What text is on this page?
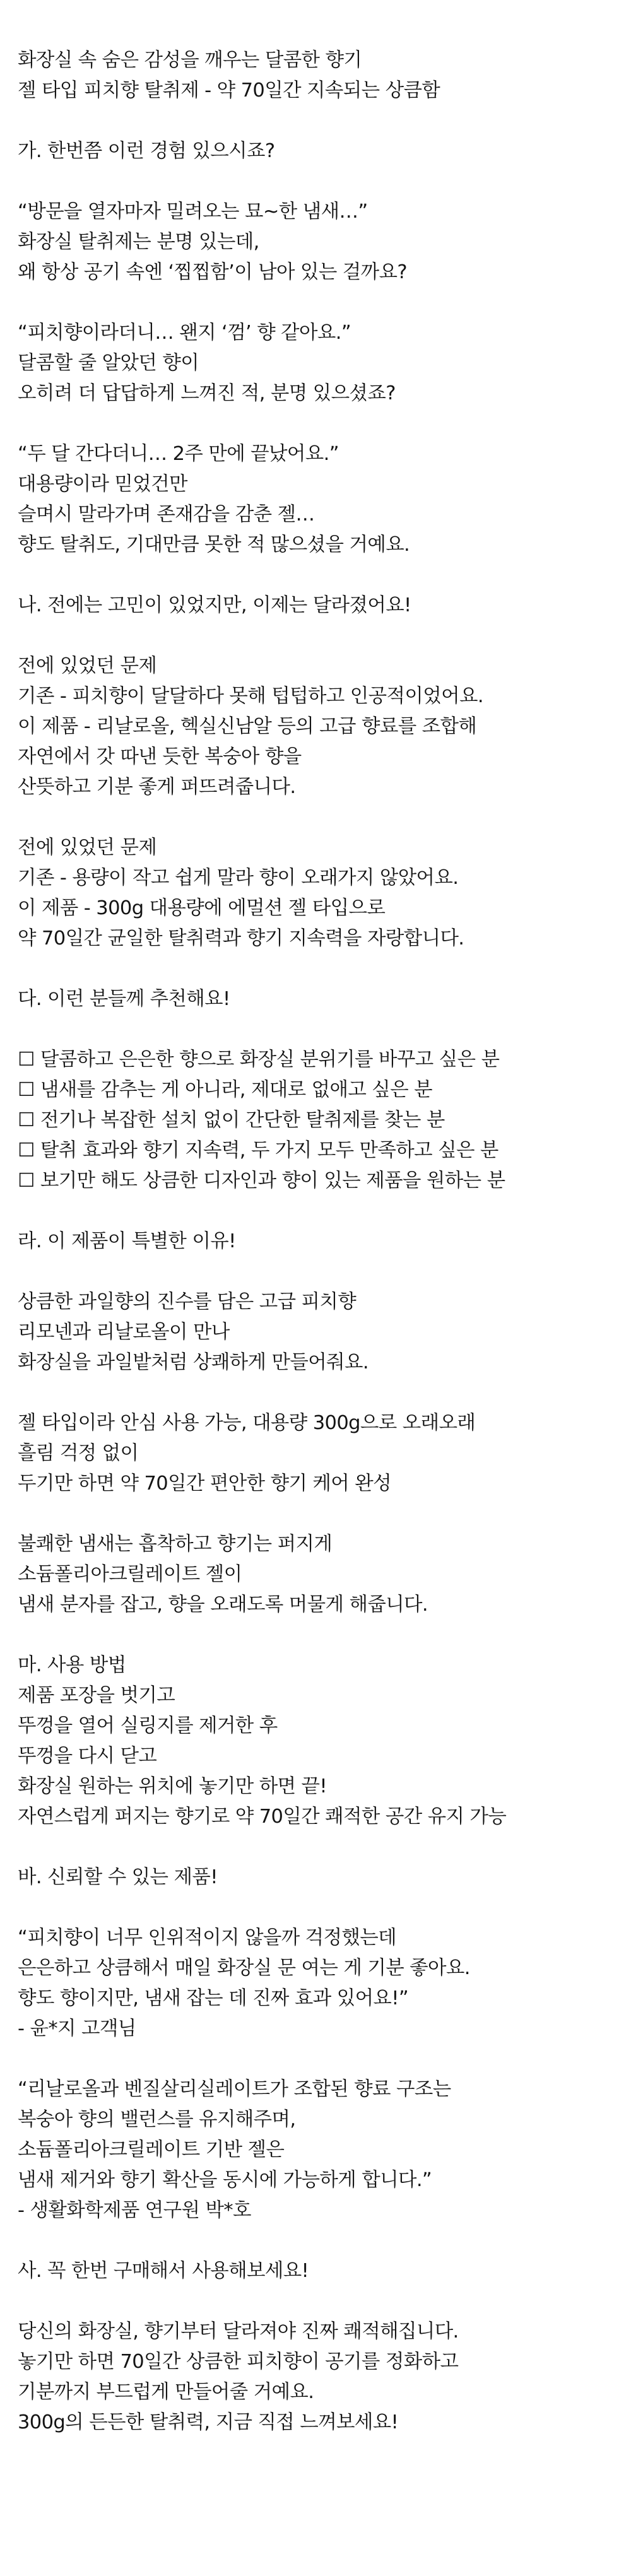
화장실 속 숨은 감성을 깨우는 달콤한 향기
젤 타입 피치향 탈취제 - 약 70일간 지속되는 상큼함
가. 한번쯤 이런 경험 있으시죠?
“방문을 열자마자 밀려오는 묘~한 냄새…”
화장실 탈취제는 분명 있는데,
왜 항상 공기 속엔 ‘찝찝함’이 남아 있는 걸까요?
“피치향이라더니… 왠지 ‘껌’ 향 같아요.”
달콤할 줄 알았던 향이
오히려 더 답답하게 느껴진 적, 분명 있으셨죠?
“두 달 간다더니… 2주 만에 끝났어요.”
대용량이라 믿었건만
슬며시 말라가며 존재감을 감춘 젤…
향도 탈취도, 기대만큼 못한 적 많으셨을 거예요.
나. 전에는 고민이 있었지만, 이제는 달라졌어요!
전에 있었던 문제
기존 - 피치향이 달달하다 못해 텁텁하고 인공적이었어요.
이 제품 - 리날로올, 헥실신남알 등의 고급 향료를 조합해
자연에서 갓 따낸 듯한 복숭아 향을
산뜻하고 기분 좋게 퍼뜨려줍니다.
전에 있었던 문제
기존 - 용량이 작고 쉽게 말라 향이 오래가지 않았어요.
이 제품 - 300g 대용량에 에멀션 젤 타입으로
약 70일간 균일한 탈취력과 향기 지속력을 자랑합니다.
다. 이런 분들께 추천해요!
☐ 달콤하고 은은한 향으로 화장실 분위기를 바꾸고 싶은 분
☐ 냄새를 감추는 게 아니라, 제대로 없애고 싶은 분
☐ 전기나 복잡한 설치 없이 간단한 탈취제를 찾는 분
☐ 탈취 효과와 향기 지속력, 두 가지 모두 만족하고 싶은 분
☐ 보기만 해도 상큼한 디자인과 향이 있는 제품을 원하는 분
라. 이 제품이 특별한 이유!
상큼한 과일향의 진수를 담은 고급 피치향
리모넨과 리날로올이 만나
화장실을 과일밭처럼 상쾌하게 만들어줘요.
젤 타입이라 안심 사용 가능, 대용량 300g으로 오래오래
흘림 걱정 없이
두기만 하면 약 70일간 편안한 향기 케어 완성
불쾌한 냄새는 흡착하고 향기는 퍼지게
소듐폴리아크릴레이트 젤이
냄새 분자를 잡고, 향을 오래도록 머물게 해줍니다.
마. 사용 방법
제품 포장을 벗기고
뚜껑을 열어 실링지를 제거한 후
뚜껑을 다시 닫고
화장실 원하는 위치에 놓기만 하면 끝!
자연스럽게 퍼지는 향기로 약 70일간 쾌적한 공간 유지 가능
바. 신뢰할 수 있는 제품!
“피치향이 너무 인위적이지 않을까 걱정했는데
은은하고 상큼해서 매일 화장실 문 여는 게 기분 좋아요.
향도 향이지만, 냄새 잡는 데 진짜 효과 있어요!”
- 윤*지 고객님
“리날로올과 벤질살리실레이트가 조합된 향료 구조는
복숭아 향의 밸런스를 유지해주며,
소듐폴리아크릴레이트 기반 젤은
냄새 제거와 향기 확산을 동시에 가능하게 합니다.”
- 생활화학제품 연구원 박*호
사. 꼭 한번 구매해서 사용해보세요!
당신의 화장실, 향기부터 달라져야 진짜 쾌적해집니다.
놓기만 하면 70일간 상큼한 피치향이 공기를 정화하고
기분까지 부드럽게 만들어줄 거예요.
300g의 든든한 탈취력, 지금 직접 느껴보세요!
